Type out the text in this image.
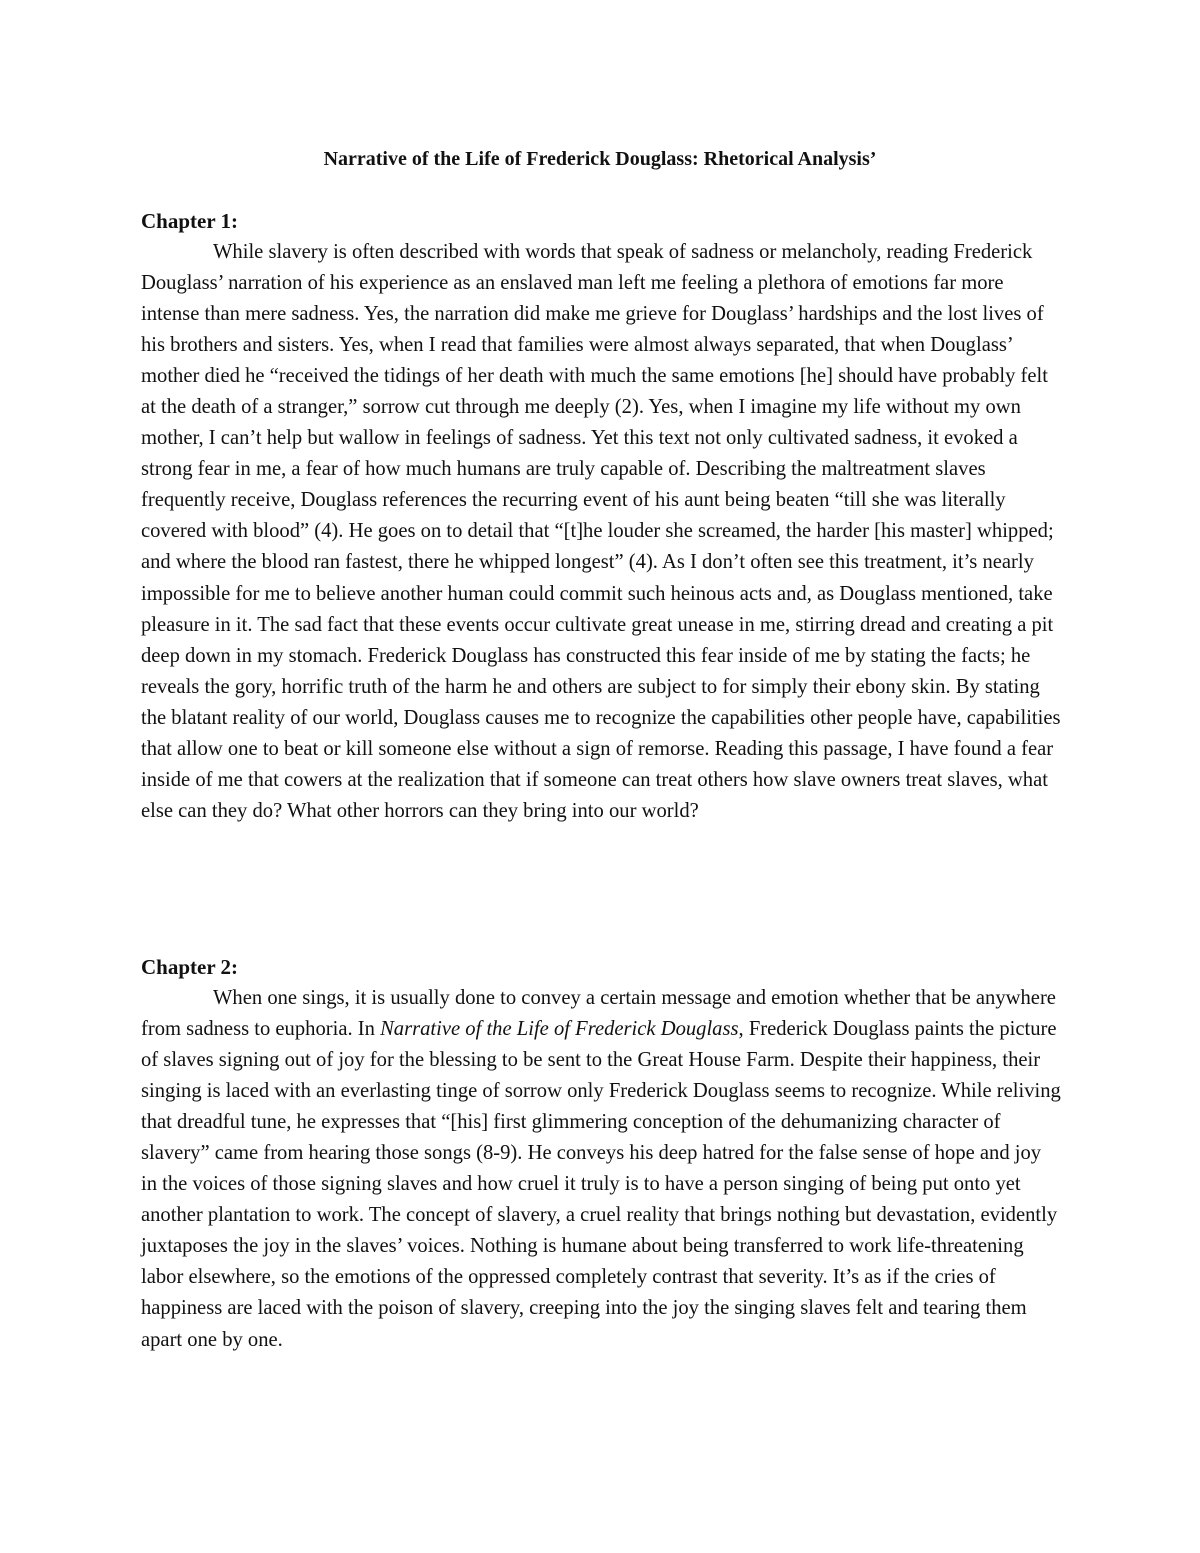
Narrative of the Life of Frederick Douglass: Rhetorical Analysis’
Chapter 1:

While slavery is often described with words that speak of sadness or melancholy, reading Frederick Douglass’ narration of his experience as an enslaved man left me feeling a plethora of emotions far more intense than mere sadness. Yes, the narration did make me grieve for Douglass’ hardships and the lost lives of his brothers and sisters. Yes, when I read that families were almost always separated, that when Douglass’ mother died he “received the tidings of her death with much the same emotions [he] should have probably felt at the death of a stranger,” sorrow cut through me deeply (2). Yes, when I imagine my life without my own mother, I can’t help but wallow in feelings of sadness. Yet this text not only cultivated sadness, it evoked a strong fear in me, a fear of how much humans are truly capable of. Describing the maltreatment slaves frequently receive, Douglass references the recurring event of his aunt being beaten “till she was literally covered with blood” (4). He goes on to detail that “[t]he louder she screamed, the harder [his master] whipped; and where the blood ran fastest, there he whipped longest” (4). As I don’t often see this treatment, it’s nearly impossible for me to believe another human could commit such heinous acts and, as Douglass mentioned, take pleasure in it. The sad fact that these events occur cultivate great unease in me, stirring dread and creating a pit deep down in my stomach. Frederick Douglass has constructed this fear inside of me by stating the facts; he reveals the gory, horrific truth of the harm he and others are subject to for simply their ebony skin. By stating the blatant reality of our world, Douglass causes me to recognize the capabilities other people have, capabilities that allow one to beat or kill someone else without a sign of remorse. Reading this passage, I have found a fear inside of me that cowers at the realization that if someone can treat others how slave owners treat slaves, what else can they do? What other horrors can they bring into our world?

Chapter 2:

When one sings, it is usually done to convey a certain message and emotion whether that be anywhere from sadness to euphoria. In Narrative of the Life of Frederick Douglass, Frederick Douglass paints the picture of slaves signing out of joy for the blessing to be sent to the Great House Farm. Despite their happiness, their singing is laced with an everlasting tinge of sorrow only Frederick Douglass seems to recognize. While reliving that dreadful tune, he expresses that “[his] first glimmering conception of the dehumanizing character of slavery” came from hearing those songs (8-9). He conveys his deep hatred for the false sense of hope and joy in the voices of those signing slaves and how cruel it truly is to have a person singing of being put onto yet another plantation to work. The concept of slavery, a cruel reality that brings nothing but devastation, evidently juxtaposes the joy in the slaves’ voices. Nothing is humane about being transferred to work life-threatening labor elsewhere, so the emotions of the oppressed completely contrast that severity. It’s as if the cries of happiness are laced with the poison of slavery, creeping into the joy the singing slaves felt and tearing them apart one by one.
